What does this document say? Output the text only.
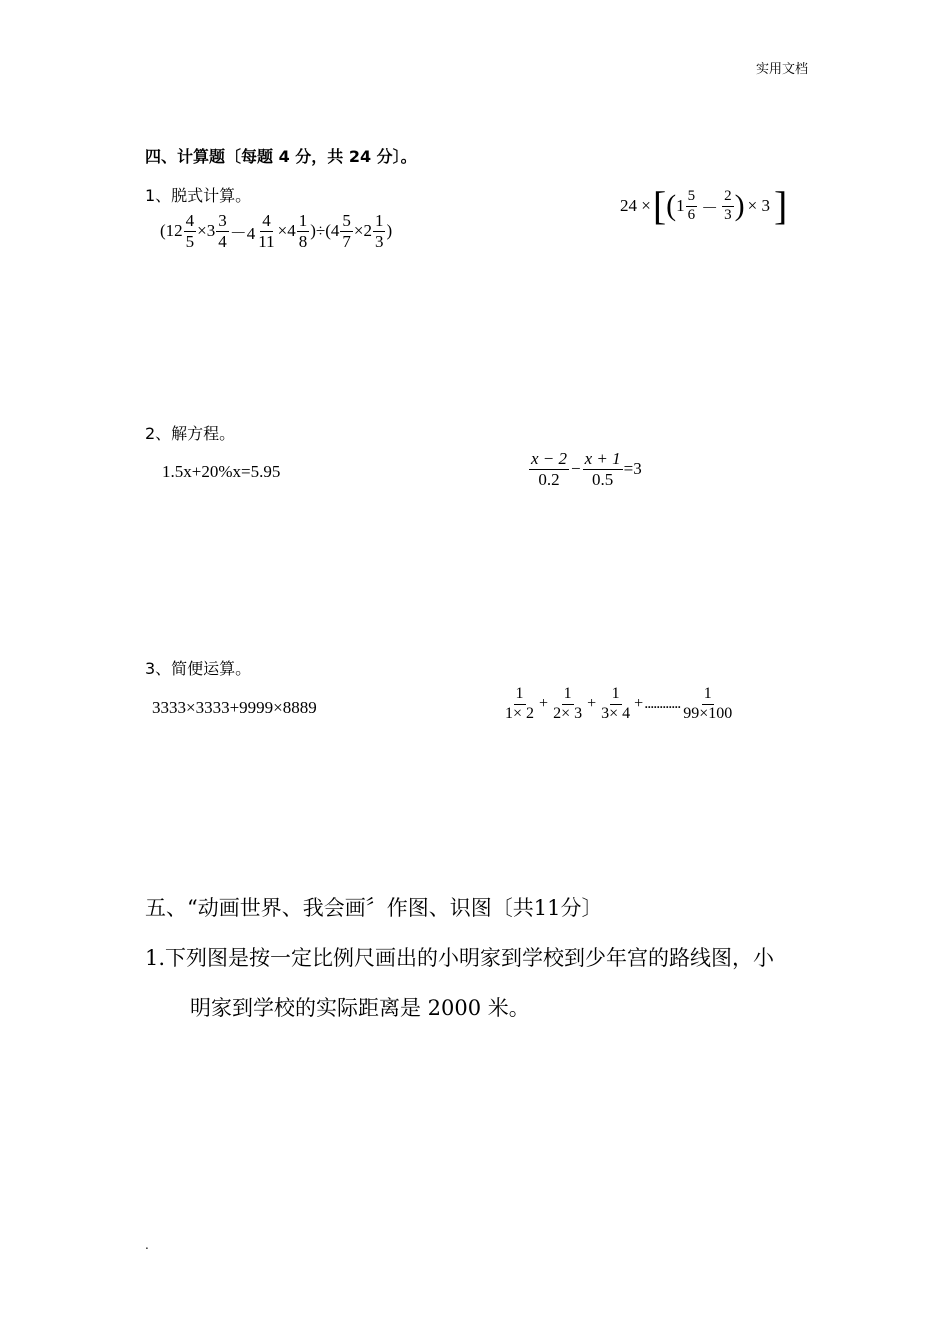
实用文档
四、计算题〔每题 4 分，共 24 分〕。
1、脱式计算。
$(12 \frac{4}{5} \times 3 \frac{3}{4} -4 \frac{4}{11} \times 4 \frac{1}{8} )\div(4 \frac{5}{7} \times 2 \frac{1}{3}$ )
24 × [ ( $1 \frac{5}{6} - \frac{2}{3}$ ) × 3 ]
2、解方程。
1.5x+20%x=5.95	$\frac{x - 2}{0.2} - \frac{x + 1}{0.5} =3$
3、简便运算。
3333×3333+9999×8889	$\frac{1}{1\times 2} + \frac{1}{2\times 3} + \frac{1}{3\times 4}$ + ............ $\frac{1}{99\times 100}$
五、“动画世界、我会画〞作图、识图〔共11分〕
1.下列图是按一定比例尺画出的小明家到学校到少年宫的路线图，小
明家到学校的实际距离是 2000 米。
.
